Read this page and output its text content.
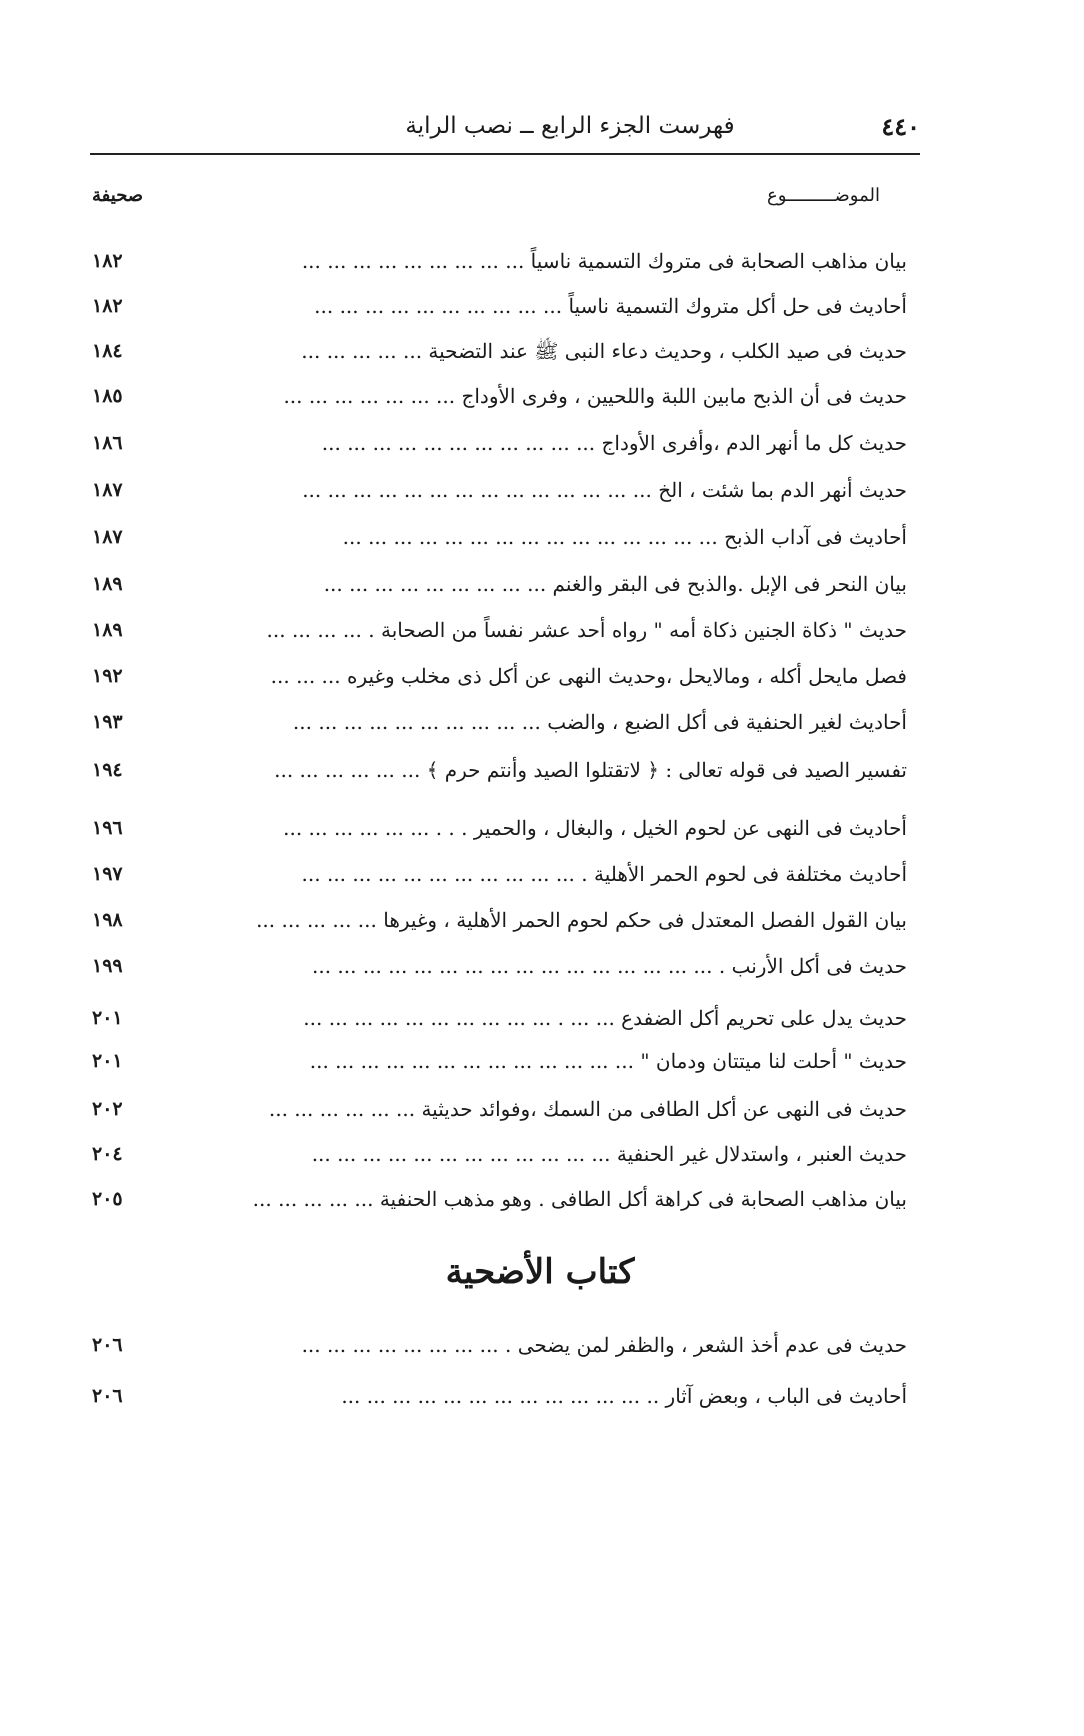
فهرست الجزء الرابع ــ نصب الراية	٤٤٠
الموضـــــــــوع
صحيفة
١٨٢	بيان مذاهب الصحابة فى متروك التسمية ناسياً ... ... ... ... ... ... ... ... ...
١٨٢	أحاديث فى حل أكل متروك التسمية ناسياً ... ... ... ... ... ... ... ... ... ...
١٨٤	حديث فى صيد الكلب ، وحديث دعاء النبى ﷺ عند التضحية ... ... ... ... ...
١٨٥	حديث فى أن الذبح مابين اللبة واللحيين ، وفرى الأوداج ... ... ... ... ... ... ...
١٨٦	حديث كل ما أنهر الدم ،وأفرى الأوداج ... ... ... ... ... ... ... ... ... ... ...
١٨٧	حديث أنهر الدم بما شئت ، الخ ... ... ... ... ... ... ... ... ... ... ... ... ... ...
١٨٧	أحاديث فى آداب الذبح ... ... ... ... ... ... ... ... ... ... ... ... ... ... ...
١٨٩	بيان النحر فى الإبل .والذبح فى البقر والغنم ... ... ... ... ... ... ... ... ...
١٨٩	حديث " ذكاة الجنين ذكاة أمه " رواه أحد عشر نفساً من الصحابة . ... ... ... ...
١٩٢	فصل مايحل أكله ، ومالايحل ،وحديث النهى عن أكل ذى مخلب وغيره ... ... ...
١٩٣	أحاديث لغير الحنفية فى أكل الضبع ، والضب ... ... ... ... ... ... ... ... ... ...
١٩٤	تفسير الصيد فى قوله تعالى : ﴿ لاتقتلوا الصيد وأنتم حرم ﴾ ... ... ... ... ... ...
١٩٦	أحاديث فى النهى عن لحوم الخيل ، والبغال ، والحمير . . . ... ... ... ... ... ...
١٩٧	أحاديث مختلفة فى لحوم الحمر الأهلية . ... ... ... ... ... ... ... ... ... ... ...
١٩٨	بيان القول الفصل المعتدل فى حكم لحوم الحمر الأهلية ، وغيرها ... ... ... ... ...
١٩٩	حديث فى أكل الأرنب . ... ... ... ... ... ... ... ... ... ... ... ... ... ... ... ...
٢٠١	حديث يدل على تحريم أكل الضفدع ... ... . ... ... ... ... ... ... ... ... ... ...
٢٠١	حديث " أحلت لنا ميتتان ودمان " ... ... ... ... ... ... ... ... ... ... ... ... ...
٢٠٢	حديث فى النهى عن أكل الطافى من السمك ،وفوائد حديثية ... ... ... ... ... ...
٢٠٤	حديث العنبر ، واستدلال غير الحنفية ... ... ... ... ... ... ... ... ... ... ... ...
٢٠٥	بيان مذاهب الصحابة فى كراهة أكل الطافى . وهو مذهب الحنفية ... ... ... ... ...
كتاب الأضحية
٢٠٦	حديث فى عدم أخذ الشعر ، والظفر لمن يضحى . ... ... ... ... ... ... ... ...
٢٠٦	أحاديث فى الباب ، وبعض آثار .. ... ... ... ... ... ... ... ... ... ... ... ...
